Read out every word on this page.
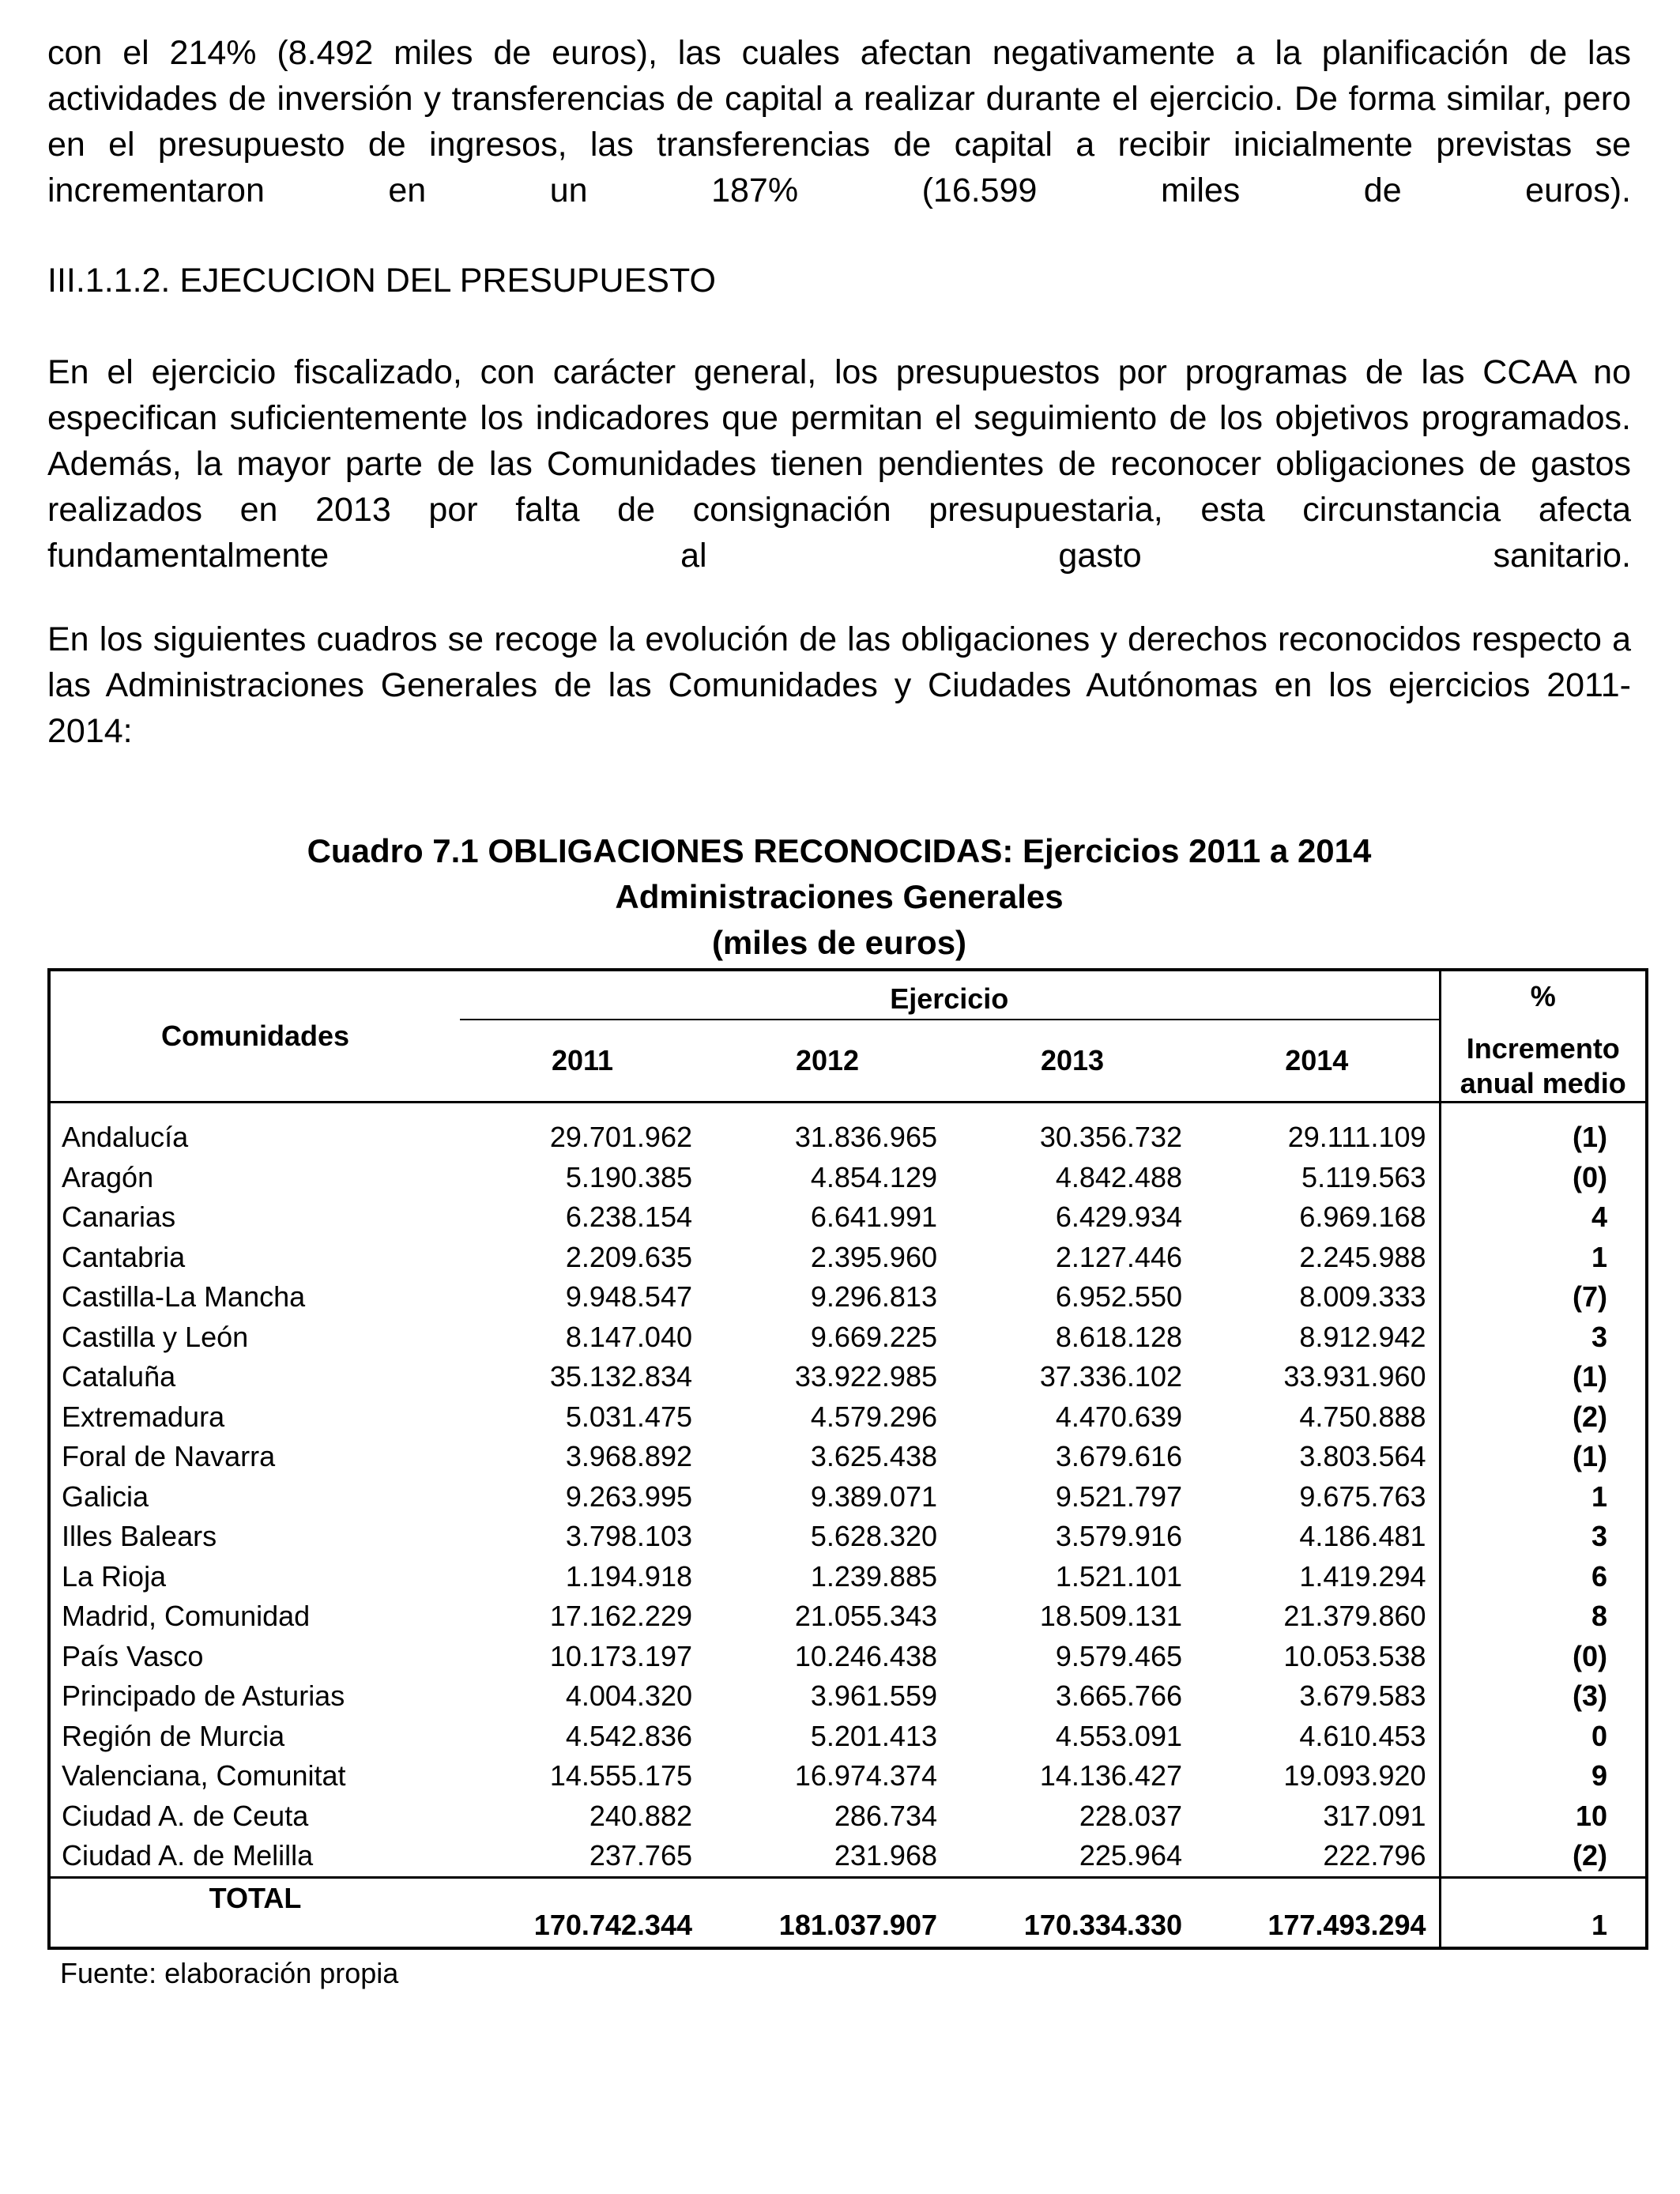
con el 214% (8.492 miles de euros), las cuales afectan negativamente a la planificación de las actividades de inversión y transferencias de capital a realizar durante el ejercicio. De forma similar, pero en el presupuesto de ingresos, las transferencias de capital a recibir inicialmente previstas se incrementaron en un 187% (16.599 miles de euros).

III.1.1.2. EJECUCION DEL PRESUPUESTO

En el ejercicio fiscalizado, con carácter general, los presupuestos por programas de las CCAA no especifican suficientemente los indicadores que permitan el seguimiento de los objetivos programados. Además, la mayor parte de las Comunidades tienen pendientes de reconocer obligaciones de gastos realizados en 2013 por falta de consignación presupuestaria, esta circunstancia afecta fundamentalmente al gasto sanitario.

En los siguientes cuadros se recoge la evolución de las obligaciones y derechos reconocidos respecto a las Administraciones Generales de las Comunidades y Ciudades Autónomas en los ejercicios 2011-2014:

Cuadro 7.1 OBLIGACIONES RECONOCIDAS: Ejercicios 2011 a 2014
Administraciones Generales
(miles de euros)
Comunidades	Ejercicio				%
Incremento
anual medio

	2011	2012	2013	2014	
Andalucía	29.701.962	31.836.965	30.356.732	29.111.109	(1)
Aragón	5.190.385	4.854.129	4.842.488	5.119.563	(0)
Canarias	6.238.154	6.641.991	6.429.934	6.969.168	4
Cantabria	2.209.635	2.395.960	2.127.446	2.245.988	1
Castilla-La Mancha	9.948.547	9.296.813	6.952.550	8.009.333	(7)
Castilla y León	8.147.040	9.669.225	8.618.128	8.912.942	3
Cataluña	35.132.834	33.922.985	37.336.102	33.931.960	(1)
Extremadura	5.031.475	4.579.296	4.470.639	4.750.888	(2)
Foral de Navarra	3.968.892	3.625.438	3.679.616	3.803.564	(1)
Galicia	9.263.995	9.389.071	9.521.797	9.675.763	1
Illes Balears	3.798.103	5.628.320	3.579.916	4.186.481	3
La Rioja	1.194.918	1.239.885	1.521.101	1.419.294	6
Madrid, Comunidad	17.162.229	21.055.343	18.509.131	21.379.860	8
País Vasco	10.173.197	10.246.438	9.579.465	10.053.538	(0)
Principado de Asturias	4.004.320	3.961.559	3.665.766	3.679.583	(3)
Región de Murcia	4.542.836	5.201.413	4.553.091	4.610.453	0
Valenciana, Comunitat	14.555.175	16.974.374	14.136.427	19.093.920	9
Ciudad A. de Ceuta	240.882	286.734	228.037	317.091	10
Ciudad A. de Melilla	237.765	231.968	225.964	222.796	(2)
TOTAL	170.742.344	181.037.907	170.334.330	177.493.294	1
Fuente: elaboración propia
